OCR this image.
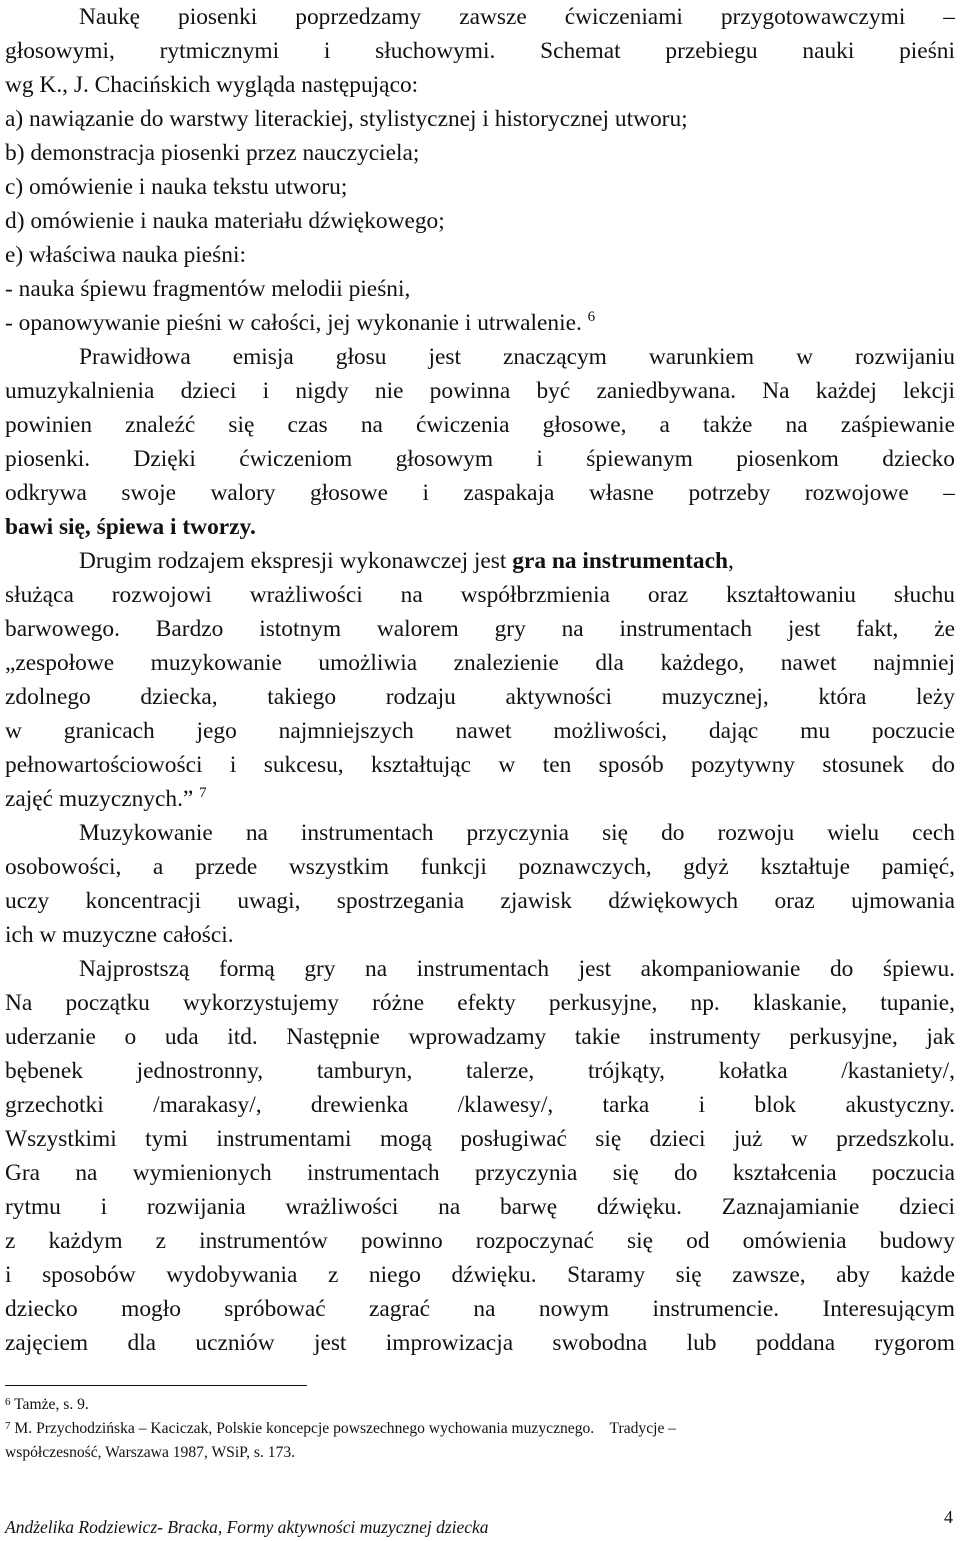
Naukę piosenki poprzedzamy zawsze ćwiczeniami przygotowawczymi –
głosowymi, rytmicznymi i słuchowymi. Schemat przebiegu nauki pieśni
wg K., J. Chacińskich wygląda następująco:
a) nawiązanie do warstwy literackiej, stylistycznej i historycznej utworu;
b) demonstracja piosenki przez nauczyciela;
c) omówienie i nauka tekstu utworu;
d) omówienie i nauka materiału dźwiękowego;
e) właściwa nauka pieśni:
- nauka śpiewu fragmentów melodii pieśni,
- opanowywanie pieśni w całości, jej wykonanie i utrwalenie. $^6$
Prawidłowa emisja głosu jest znaczącym warunkiem w rozwijaniu
umuzykalnienia dzieci i nigdy nie powinna być zaniedbywana. Na każdej lekcji
powinien znaleźć się czas na ćwiczenia głosowe, a także na zaśpiewanie
piosenki. Dzięki ćwiczeniom głosowym i śpiewanym piosenkom dziecko
odkrywa swoje walory głosowe i zaspakaja własne potrzeby rozwojowe –
bawi się, śpiewa i tworzy.
Drugim rodzajem ekspresji wykonawczej jest gra na instrumentach,
służąca rozwojowi wrażliwości na współbrzmienia oraz kształtowaniu słuchu
barwowego. Bardzo istotnym walorem gry na instrumentach jest fakt, że
„zespołowe muzykowanie umożliwia znalezienie dla każdego, nawet najmniej
zdolnego dziecka, takiego rodzaju aktywności muzycznej, która leży
w granicach jego najmniejszych nawet możliwości, dając mu poczucie
pełnowartościowości i sukcesu, kształtując w ten sposób pozytywny stosunek do
zajęć muzycznych.” $^7$
Muzykowanie na instrumentach przyczynia się do rozwoju wielu cech
osobowości, a przede wszystkim funkcji poznawczych, gdyż kształtuje pamięć,
uczy koncentracji uwagi, spostrzegania zjawisk dźwiękowych oraz ujmowania
ich w muzyczne całości.
Najprostszą formą gry na instrumentach jest akompaniowanie do śpiewu.
Na początku wykorzystujemy różne efekty perkusyjne, np. klaskanie, tupanie,
uderzanie o uda itd. Następnie wprowadzamy takie instrumenty perkusyjne, jak
bębenek jednostronny, tamburyn, talerze, trójkąty, kołatka /kastaniety/,
grzechotki /marakasy/, drewienka /klawesy/, tarka i blok akustyczny.
Wszystkimi tymi instrumentami mogą posługiwać się dzieci już w przedszkolu.
Gra na wymienionych instrumentach przyczynia się do kształcenia poczucia
rytmu i rozwijania wrażliwości na barwę dźwięku. Zaznajamianie dzieci
z każdym z instrumentów powinno rozpoczynać się od omówienia budowy
i sposobów wydobywania z niego dźwięku. Staramy się zawsze, aby każde
dziecko mogło spróbować zagrać na nowym instrumencie. Interesującym
zajęciem dla uczniów jest improwizacja swobodna lub poddana rygorom
$^6$ Tamże, s. 9.
$^7$ M. Przychodzińska – Kaciczak, Polskie koncepcje powszechnego wychowania muzycznego.    Tradycje –
współczesność, Warszawa 1987, WSiP, s. 173.
Andżelika Rodziewicz- Bracka, Formy aktywności muzycznej dziecka	4
